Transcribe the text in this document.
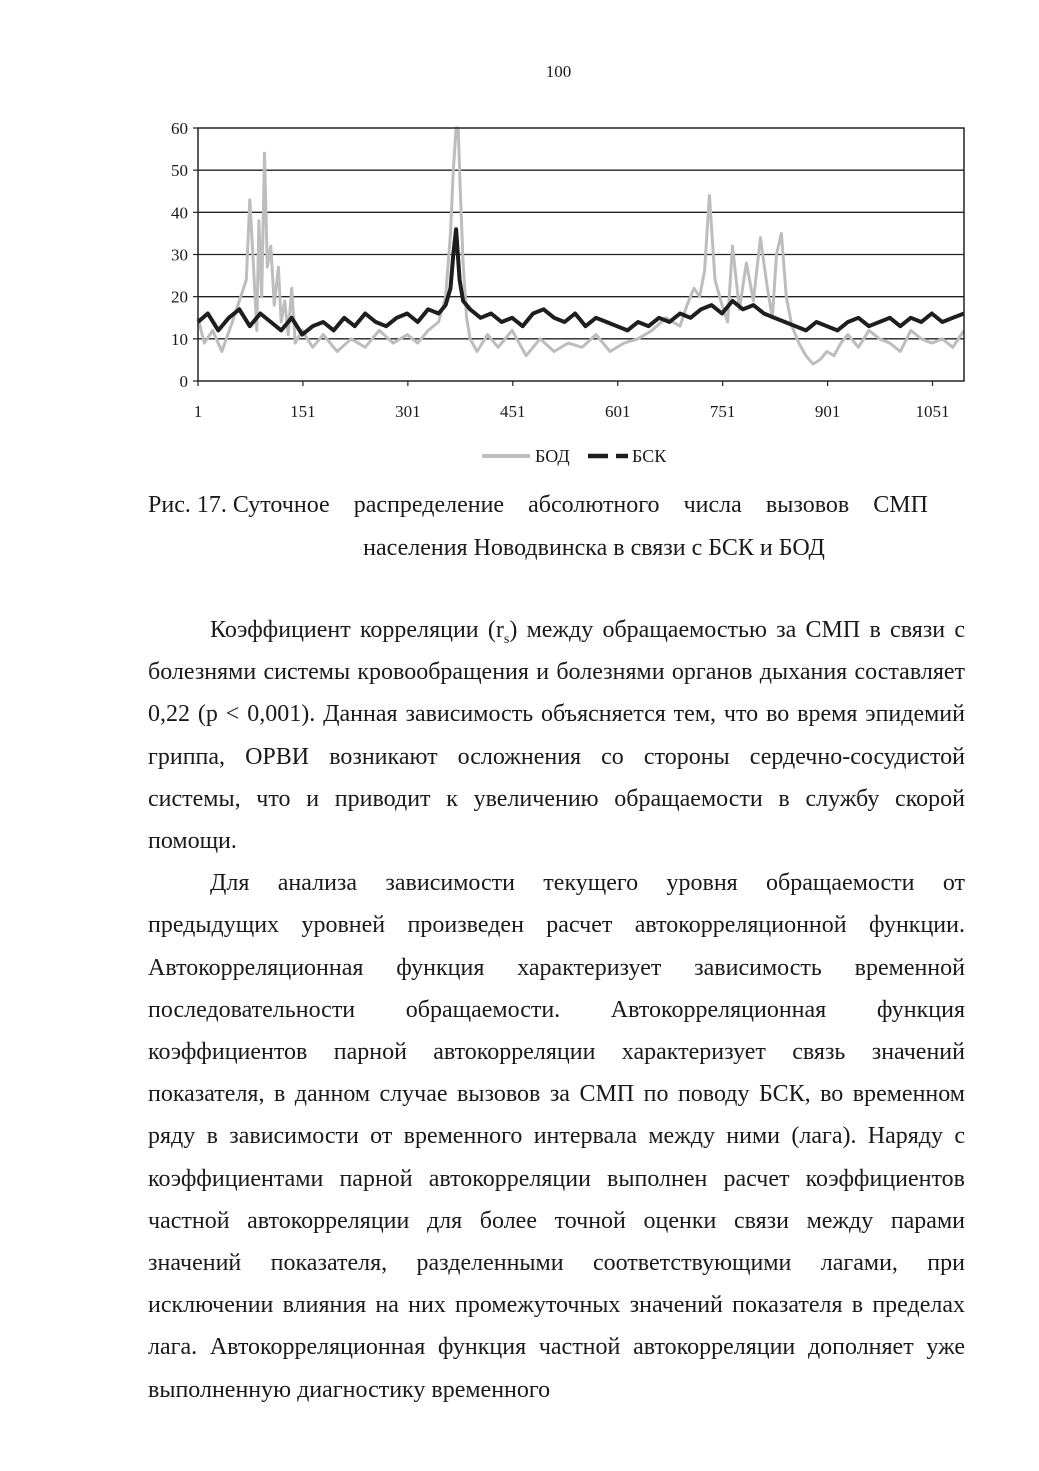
100
0
10
20
30
40
50
60
1	151	301	451	601	751	901	1051
БОД	БСК
Рис. 17. Суточное распределение абсолютного числа вызовов СМП
населения Новодвинска в связи с БСК и БОД

Коэффициент корреляции $(r_s)$ между обращаемостью за СМП в связи с болезнями системы кровообращения и болезнями органов дыхания составляет 0,22 (р < 0,001). Данная зависимость объясняется тем, что во время эпидемий гриппа, ОРВИ возникают осложнения со стороны сердечно-сосудистой системы, что и приводит к увеличению обращаемости в службу скорой помощи.

Для анализа зависимости текущего уровня обращаемости от предыдущих уровней произведен расчет автокорреляционной функции. Автокорреляционная функция характеризует зависимость временной последовательности обращаемости. Автокорреляционная функция коэффициентов парной автокорреляции характеризует связь значений показателя, в данном случае вызовов за СМП по поводу БСК, во временном ряду в зависимости от временного интервала между ними (лага). Наряду с коэффициентами парной автокорреляции выполнен расчет коэффициентов частной автокорреляции для более точной оценки связи между парами значений показателя, разделенными соответствующими лагами, при исключении влияния на них промежуточных значений показателя в пределах лага. Автокорреляционная функция частной автокорреляции дополняет уже выполненную диагностику временного
